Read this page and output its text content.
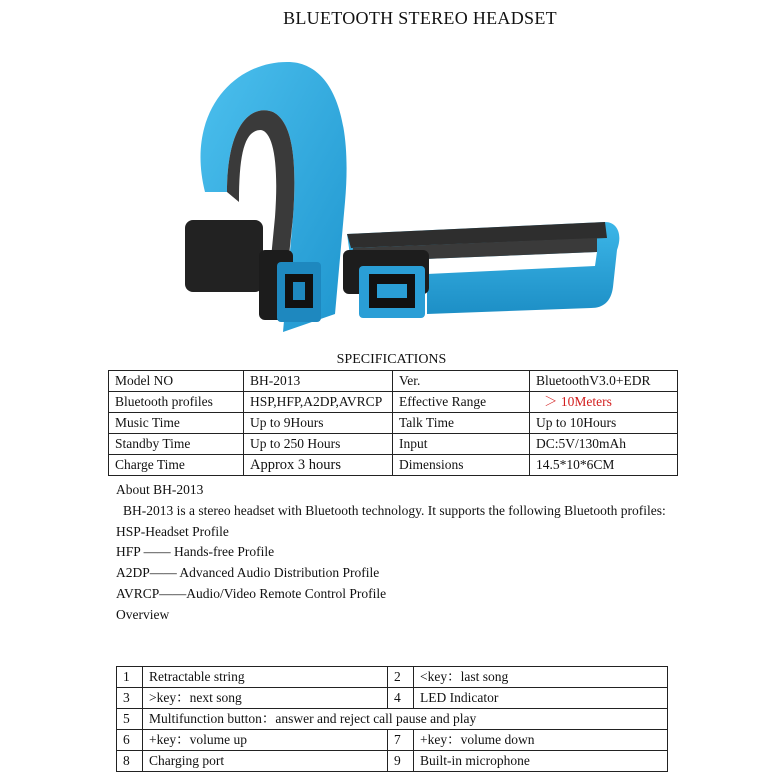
BLUETOOTH STEREO HEADSET
SPECIFICATIONS
Model NO	BH-2013	Ver.	BluetoothV3.0+EDR
Bluetooth profiles	HSP,HFP,A2DP,AVRCP	Effective Range	＞ 10Meters
Music Time	Up to 9Hours	Talk Time	Up to 10Hours
Standby Time	Up to 250 Hours	Input	DC:5V/130mAh
Charge Time	Approx 3 hours	Dimensions	14.5*10*6CM

About BH-2013

BH-2013 is a stereo headset with Bluetooth technology. It supports the following Bluetooth profiles:

HSP-Headset Profile

HFP —— Hands-free Profile

A2DP—— Advanced Audio Distribution Profile

AVRCP——Audio/Video Remote Control Profile

Overview

1	Retractable string	2	<key：last song
3	>key：next song	4	LED Indicator
5	Multifunction button：answer and reject call pause and play		
6	+key：volume up	7	+key：volume down
8	Charging port	9	Built-in microphone
